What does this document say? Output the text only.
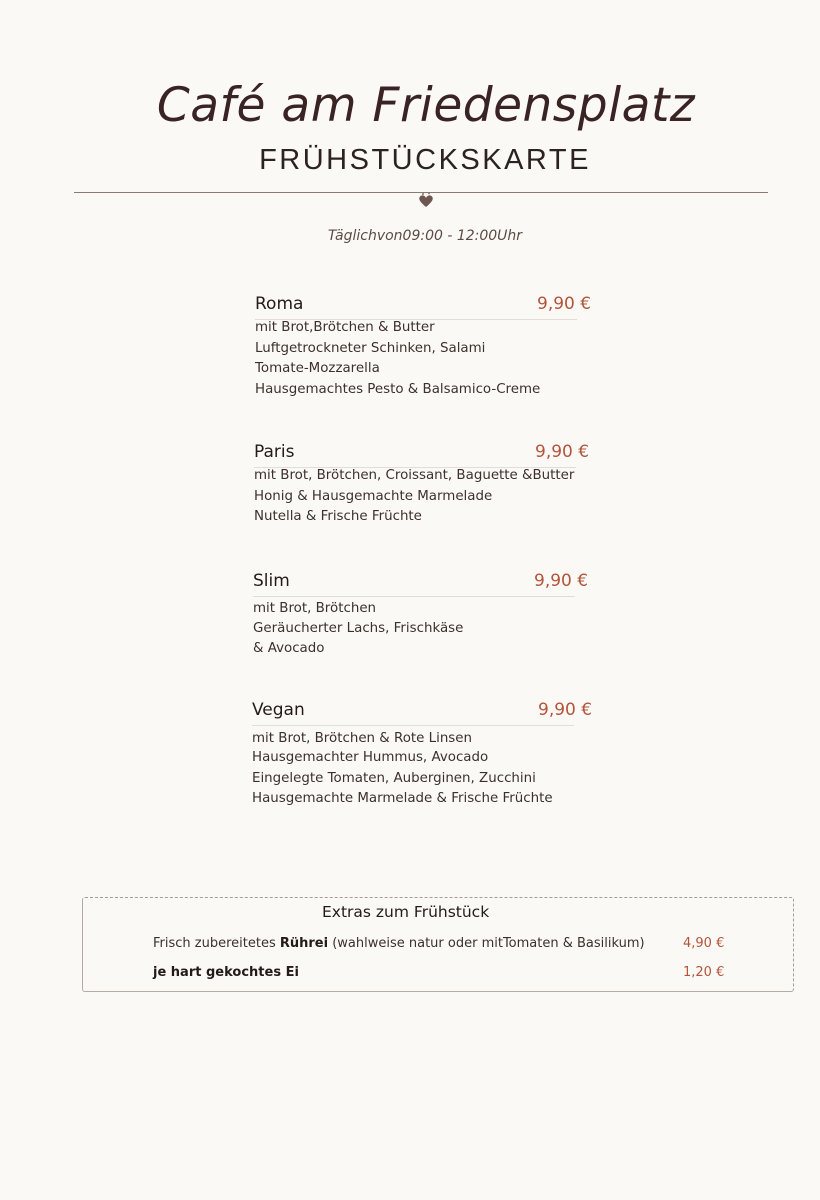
Café am Friedensplatz
FRÜHSTÜCKSKARTE
Täglichvon09:00 - 12:00Uhr
Roma	9,90 €
mit Brot,Brötchen & Butter
Luftgetrockneter Schinken, Salami
Tomate-Mozzarella
Hausgemachtes Pesto & Balsamico-Creme
Paris	9,90 €
mit Brot, Brötchen, Croissant, Baguette &Butter
Honig & Hausgemachte Marmelade
Nutella & Frische Früchte
Slim	9,90 €
mit Brot, Brötchen
Geräucherter Lachs, Frischkäse
& Avocado
Vegan	9,90 €
mit Brot, Brötchen & Rote Linsen
Hausgemachter Hummus, Avocado
Eingelegte Tomaten, Auberginen, Zucchini
Hausgemachte Marmelade & Frische Früchte
Extras zum Frühstück
Frisch zubereitetes Rührei (wahlweise natur oder mitTomaten & Basilikum)	4,90 €
je hart gekochtes Ei	1,20 €
